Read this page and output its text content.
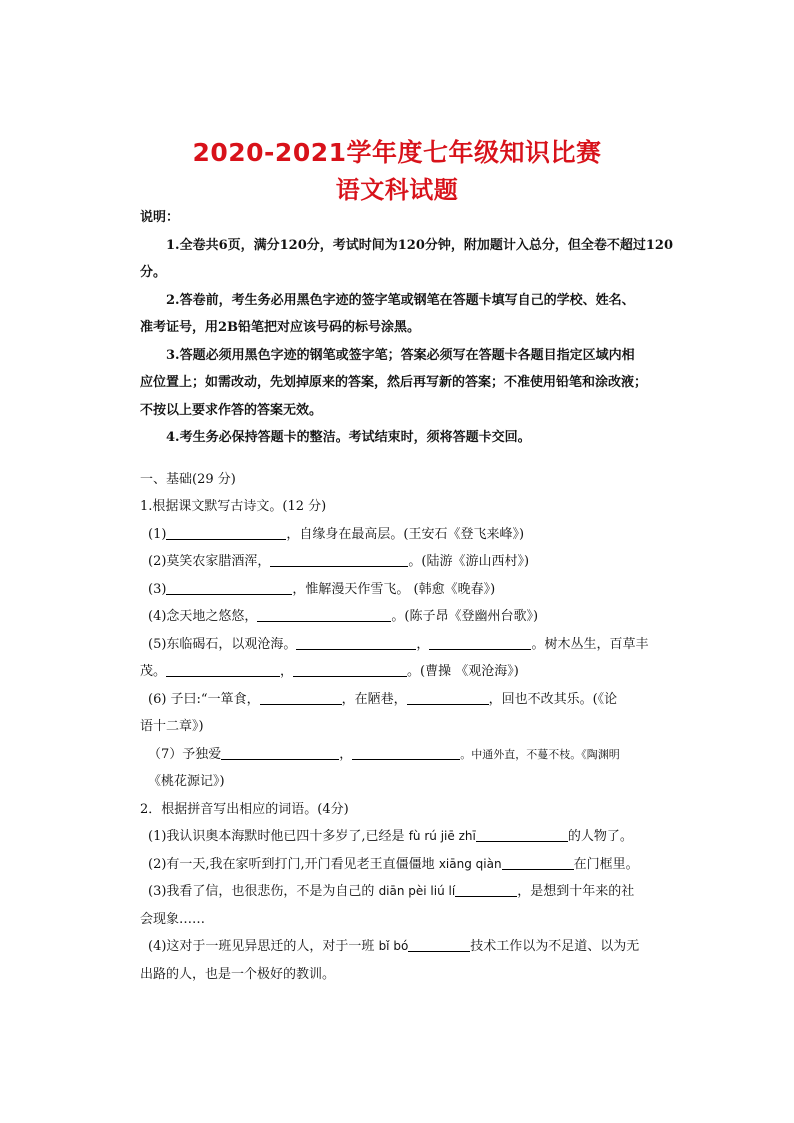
2020-2021学年度七年级知识比赛
语文科试题
说明：
1.全卷共6页，满分120分，考试时间为120分钟，附加题计入总分，但全卷不超过120
分。
2.答卷前，考生务必用黑色字迹的签字笔或钢笔在答题卡填写自己的学校、姓名、
准考证号，用2B铅笔把对应该号码的标号涂黑。
3.答题必须用黑色字迹的钢笔或签字笔；答案必须写在答题卡各题目指定区域内相
应位置上；如需改动，先划掉原来的答案，然后再写新的答案；不准使用铅笔和涂改液；
不按以上要求作答的答案无效。
4.考生务必保持答题卡的整洁。考试结束时，须将答题卡交回。
一、基础(29 分)
1.根据课文默写古诗文。(12 分)
(1)	，自缘身在最高层。(王安石《登飞来峰》)
(2)莫笑农家腊酒浑，	。(陆游《游山西村》)
(3)	，惟解漫天作雪飞。 (韩愈《晚春》)
(4)念天地之悠悠，	。(陈子昂《登幽州台歌》)
(5)东临碣石，以观沧海。	，	。树木丛生，百草丰
茂。	，	。(曹操 《观沧海》)
(6) 子曰:“一箪食，	，在陋巷，	，回也不改其乐。(《论
语十二章》)
（7）予独爱	，	。中通外直，不蔓不枝。《陶渊明
《桃花源记》)
2．根据拼音写出相应的词语。(4分)
(1)我认识奥本海默时他已四十多岁了,已经是 fù rú jiē zhī	的人物了。
(2)有一天,我在家听到打门,开门看见老王直僵僵地 xiāng qiàn	在门框里。
(3)我看了信，也很悲伤，不是为自己的 diān pèi liú lí	，是想到十年来的社
会现象……
(4)这对于一班见异思迁的人，对于一班 bǐ bó	技术工作以为不足道、以为无
出路的人，也是一个极好的教训。
